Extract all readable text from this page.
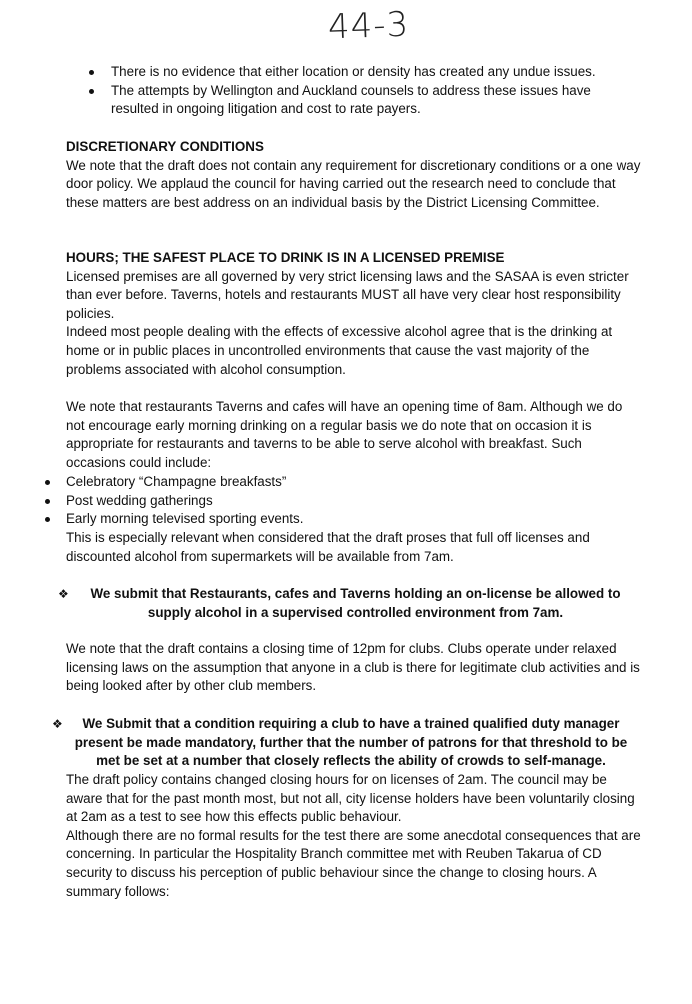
44-3
There is no evidence that either location or density has created any undue issues.
The attempts by Wellington and Auckland counsels to address these issues have resulted in ongoing litigation and cost to rate payers.

DISCRETIONARY CONDITIONS

We note that the draft does not contain any requirement for discretionary conditions or a one way door policy. We applaud the council for having carried out the research need to conclude that these matters are best address on an individual basis by the District Licensing Committee.

HOURS; THE SAFEST PLACE TO DRINK IS IN A LICENSED PREMISE

Licensed premises are all governed by very strict licensing laws and the SASAA is even stricter than ever before. Taverns, hotels and restaurants MUST all have very clear host responsibility policies.

Indeed most people dealing with the effects of excessive alcohol agree that is the drinking at home or in public places in uncontrolled environments that cause the vast majority of the problems associated with alcohol consumption.

We note that restaurants Taverns and cafes will have an opening time of 8am. Although we do not encourage early morning drinking on a regular basis we do note that on occasion it is appropriate for restaurants and taverns to be able to serve alcohol with breakfast. Such occasions could include:

Celebratory “Champagne breakfasts”
Post wedding gatherings
Early morning televised sporting events.

This is especially relevant when considered that the draft proses that full off licenses and discounted alcohol from supermarkets will be available from 7am.

❖ We submit that Restaurants, cafes and Taverns holding an on-license be allowed to supply alcohol in a supervised controlled environment from 7am.

We note that the draft contains a closing time of 12pm for clubs. Clubs operate under relaxed licensing laws on the assumption that anyone in a club is there for legitimate club activities and is being looked after by other club members.

❖ We Submit that a condition requiring a club to have a trained qualified duty manager present be made mandatory, further that the number of patrons for that threshold to be met be set at a number that closely reflects the ability of crowds to self-manage.

The draft policy contains changed closing hours for on licenses of 2am. The council may be aware that for the past month most, but not all, city license holders have been voluntarily closing at 2am as a test to see how this effects public behaviour.

Although there are no formal results for the test there are some anecdotal consequences that are concerning. In particular the Hospitality Branch committee met with Reuben Takarua of CD security to discuss his perception of public behaviour since the change to closing hours. A summary follows:
